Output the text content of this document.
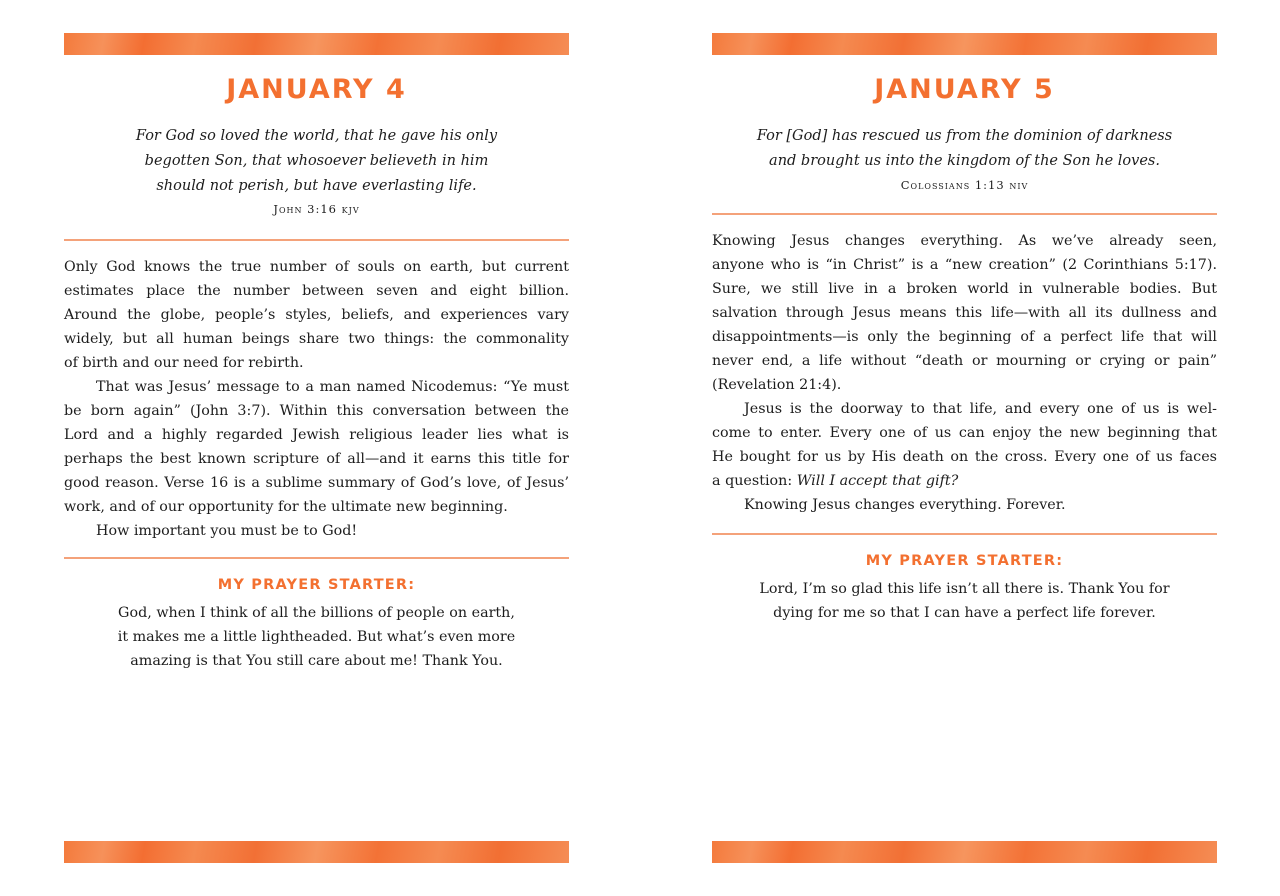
JANUARY 4

For God so loved the world, that he gave his only
begotten Son, that whosoever believeth in him
should not perish, but have everlasting life.

John 3:16 kjv

Only God knows the true number of souls on earth, but current
estimates place the number between seven and eight billion.
Around the globe, people’s styles, beliefs, and experiences vary
widely, but all human beings share two things: the commonality
of birth and our need for rebirth.
That was Jesus’ message to a man named Nicodemus: “Ye must
be born again” (John 3:7). Within this conversation between the
Lord and a highly regarded Jewish religious leader lies what is
perhaps the best known scripture of all—and it earns this title for
good reason. Verse 16 is a sublime summary of God’s love, of Jesus’
work, and of our opportunity for the ultimate new beginning.
How important you must be to God!

MY PRAYER STARTER:

God, when I think of all the billions of people on earth,
it makes me a little lightheaded. But what’s even more
amazing is that You still care about me! Thank You.

JANUARY 5

For [God] has rescued us from the dominion of darkness
and brought us into the kingdom of the Son he loves.

Colossians 1:13 niv

Knowing Jesus changes everything. As we’ve already seen,
anyone who is “in Christ” is a “new creation” (2 Corinthians 5:17).
Sure, we still live in a broken world in vulnerable bodies. But
salvation through Jesus means this life—with all its dullness and
disappointments—is only the beginning of a perfect life that will
never end, a life without “death or mourning or crying or pain”
(Revelation 21:4).
Jesus is the doorway to that life, and every one of us is wel-
come to enter. Every one of us can enjoy the new beginning that
He bought for us by His death on the cross. Every one of us faces
a question: Will I accept that gift?
Knowing Jesus changes everything. Forever.

MY PRAYER STARTER:

Lord, I’m so glad this life isn’t all there is. Thank You for
dying for me so that I can have a perfect life forever.
